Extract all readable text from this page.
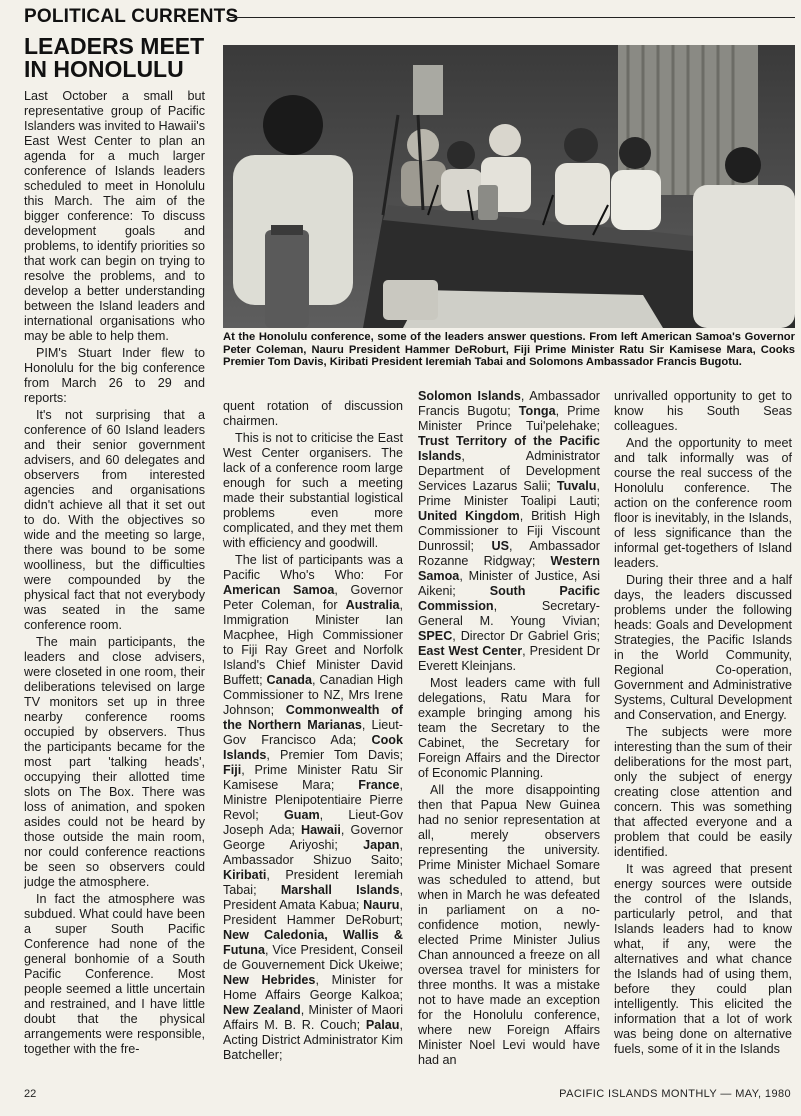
POLITICAL CURRENTS
LEADERS MEET
IN HONOLULU

Last October a small but representative group of Pacific Islanders was invited to Hawaii's East West Center to plan an agenda for a much larger conference of Islands leaders scheduled to meet in Honolulu this March. The aim of the bigger conference: To discuss development goals and problems, to identify priorities so that work can begin on trying to resolve the problems, and to develop a better understanding between the Island leaders and international organisations who may be able to help them.

PIM's Stuart Inder flew to Honolulu for the big conference from March 26 to 29 and reports:

It's not surprising that a conference of 60 Island leaders and their senior government advisers, and 60 delegates and observers from interested agencies and organisations didn't achieve all that it set out to do. With the objectives so wide and the meeting so large, there was bound to be some woolliness, but the difficulties were compounded by the physical fact that not everybody was seated in the same conference room.

The main participants, the leaders and close advisers, were closeted in one room, their deliberations televised on large TV monitors set up in three nearby conference rooms occupied by observers. Thus the participants became for the most part 'talking heads', occupying their allotted time slots on The Box. There was loss of animation, and spoken asides could not be heard by those outside the main room, nor could conference reactions be seen so observers could judge the atmosphere.

In fact the atmosphere was subdued. What could have been a super South Pacific Conference had none of the general bonhomie of a South Pacific Conference. Most people seemed a little uncertain and restrained, and I have little doubt that the physical arrangements were responsible, together with the fre-

At the Honolulu conference, some of the leaders answer questions. From left American Samoa's Governor Peter Coleman, Nauru President Hammer DeRoburt, Fiji Prime Minister Ratu Sir Kamisese Mara, Cooks Premier Tom Davis, Kiribati President Ieremiah Tabai and Solomons Ambassador Francis Bugotu.

quent rotation of discussion chairmen.

This is not to criticise the East West Center organisers. The lack of a conference room large enough for such a meeting made their substantial logistical problems even more complicated, and they met them with efficiency and goodwill.

The list of participants was a Pacific Who's Who: For American Samoa, Governor Peter Coleman, for Australia, Immigration Minister Ian Macphee, High Commissioner to Fiji Ray Greet and Norfolk Island's Chief Minister David Buffett; Canada, Canadian High Commissioner to NZ, Mrs Irene Johnson; Commonwealth of the Northern Marianas, Lieut-Gov Francisco Ada; Cook Islands, Premier Tom Davis; Fiji, Prime Minister Ratu Sir Kamisese Mara; France, Ministre Plenipotentiaire Pierre Revol; Guam, Lieut-Gov Joseph Ada; Hawaii, Governor George Ariyoshi; Japan, Ambassador Shizuo Saito; Kiribati, President Ieremiah Tabai; Marshall Islands, President Amata Kabua; Nauru, President Hammer DeRoburt; New Caledonia, Wallis & Futuna, Vice President, Conseil de Gouvernement Dick Ukeiwe; New Hebrides, Minister for Home Affairs George Kalkoa; New Zealand, Minister of Maori Affairs M. B. R. Couch; Palau, Acting District Administrator Kim Batcheller;

Solomon Islands, Ambassador Francis Bugotu; Tonga, Prime Minister Prince Tui'pelehake; Trust Territory of the Pacific Islands, Administrator Department of Development Services Lazarus Salii; Tuvalu, Prime Minister Toalipi Lauti; United Kingdom, British High Commissioner to Fiji Viscount Dunrossil; US, Ambassador Rozanne Ridgway; Western Samoa, Minister of Justice, Asi Aikeni; South Pacific Commission, Secretary-General M. Young Vivian; SPEC, Director Dr Gabriel Gris; East West Center, President Dr Everett Kleinjans.

Most leaders came with full delegations, Ratu Mara for example bringing among his team the Secretary to the Cabinet, the Secretary for Foreign Affairs and the Director of Economic Planning.

All the more disappointing then that Papua New Guinea had no senior representation at all, merely observers representing the university. Prime Minister Michael Somare was scheduled to attend, but when in March he was defeated in parliament on a no-confidence motion, newly-elected Prime Minister Julius Chan announced a freeze on all oversea travel for ministers for three months. It was a mistake not to have made an exception for the Honolulu conference, where new Foreign Affairs Minister Noel Levi would have had an

unrivalled opportunity to get to know his South Seas colleagues.

And the opportunity to meet and talk informally was of course the real success of the Honolulu conference. The action on the conference room floor is inevitably, in the Islands, of less significance than the informal get-togethers of Island leaders.

During their three and a half days, the leaders discussed problems under the following heads: Goals and Development Strategies, the Pacific Islands in the World Community, Regional Co-operation, Government and Administrative Systems, Cultural Development and Conservation, and Energy.

The subjects were more interesting than the sum of their deliberations for the most part, only the subject of energy creating close attention and concern. This was something that affected everyone and a problem that could be easily identified.

It was agreed that present energy sources were outside the control of the Islands, particularly petrol, and that Islands leaders had to know what, if any, were the alternatives and what chance the Islands had of using them, before they could plan intelligently. This elicited the information that a lot of work was being done on alternative fuels, some of it in the Islands

22	PACIFIC ISLANDS MONTHLY — MAY, 1980
